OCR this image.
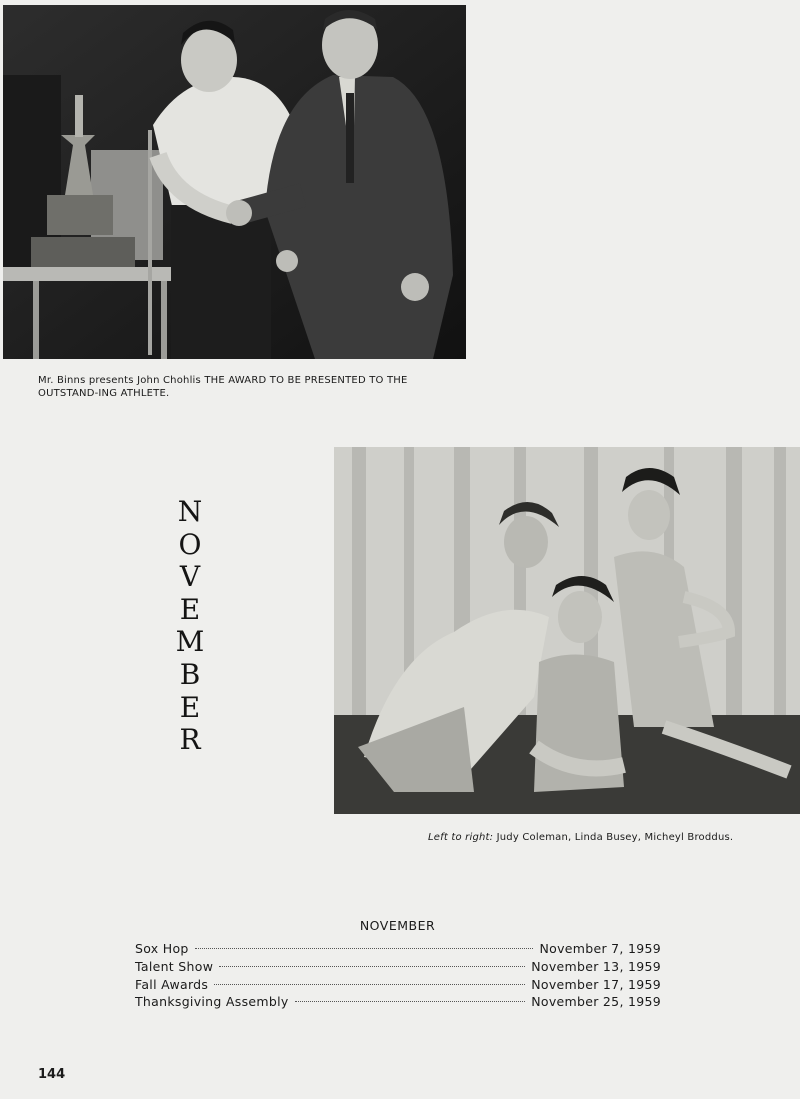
Mr. Binns presents John Chohlis THE AWARD TO BE PRESENTED TO THE OUTSTAND-ING ATHLETE.
N
O
V
E
M
B
E
R
Left to right: Judy Coleman, Linda Busey, Micheyl Broddus.
NOVEMBER
Sox Hop	November 7, 1959
Talent Show	November 13, 1959
Fall Awards	November 17, 1959
Thanksgiving Assembly	November 25, 1959
144
